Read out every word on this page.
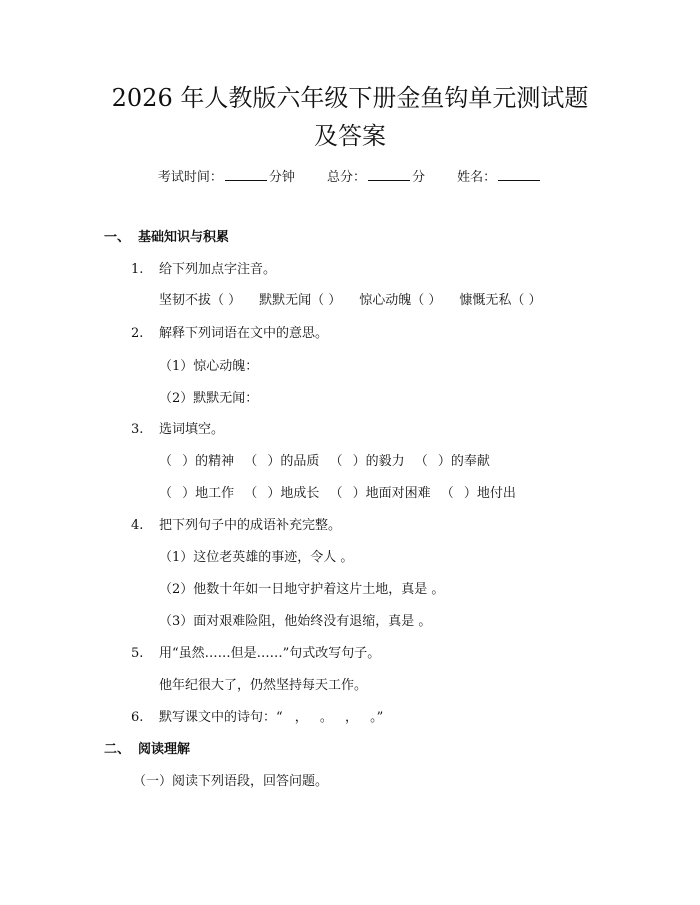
2026 年人教版六年级下册金鱼钩单元测试题
及答案
考试时间：	分钟 总分：	分 姓名：
一、 基础知识与积累
1. 给下列加点字注音。
坚韧不拔（ ） 默默无闻（ ） 惊心动魄（ ） 慷慨无私（ ）
2. 解释下列词语在文中的意思。
（1）惊心动魄：
（2）默默无闻：
3. 选词填空。
（ ）的精神 （ ）的品质 （ ）的毅力 （ ）的奉献
（ ）地工作 （ ）地成长 （ ）地面对困难 （ ）地付出
4. 把下列句子中的成语补充完整。
（1）这位老英雄的事迹，令人 。
（2）他数十年如一日地守护着这片土地，真是 。
（3）面对艰难险阻，他始终没有退缩，真是 。
5. 用“虽然……但是……”句式改写句子。
他年纪很大了，仍然坚持每天工作。
6. 默写课文中的诗句：“ ， 。 ， 。”
二、 阅读理解
（一）阅读下列语段，回答问题。
